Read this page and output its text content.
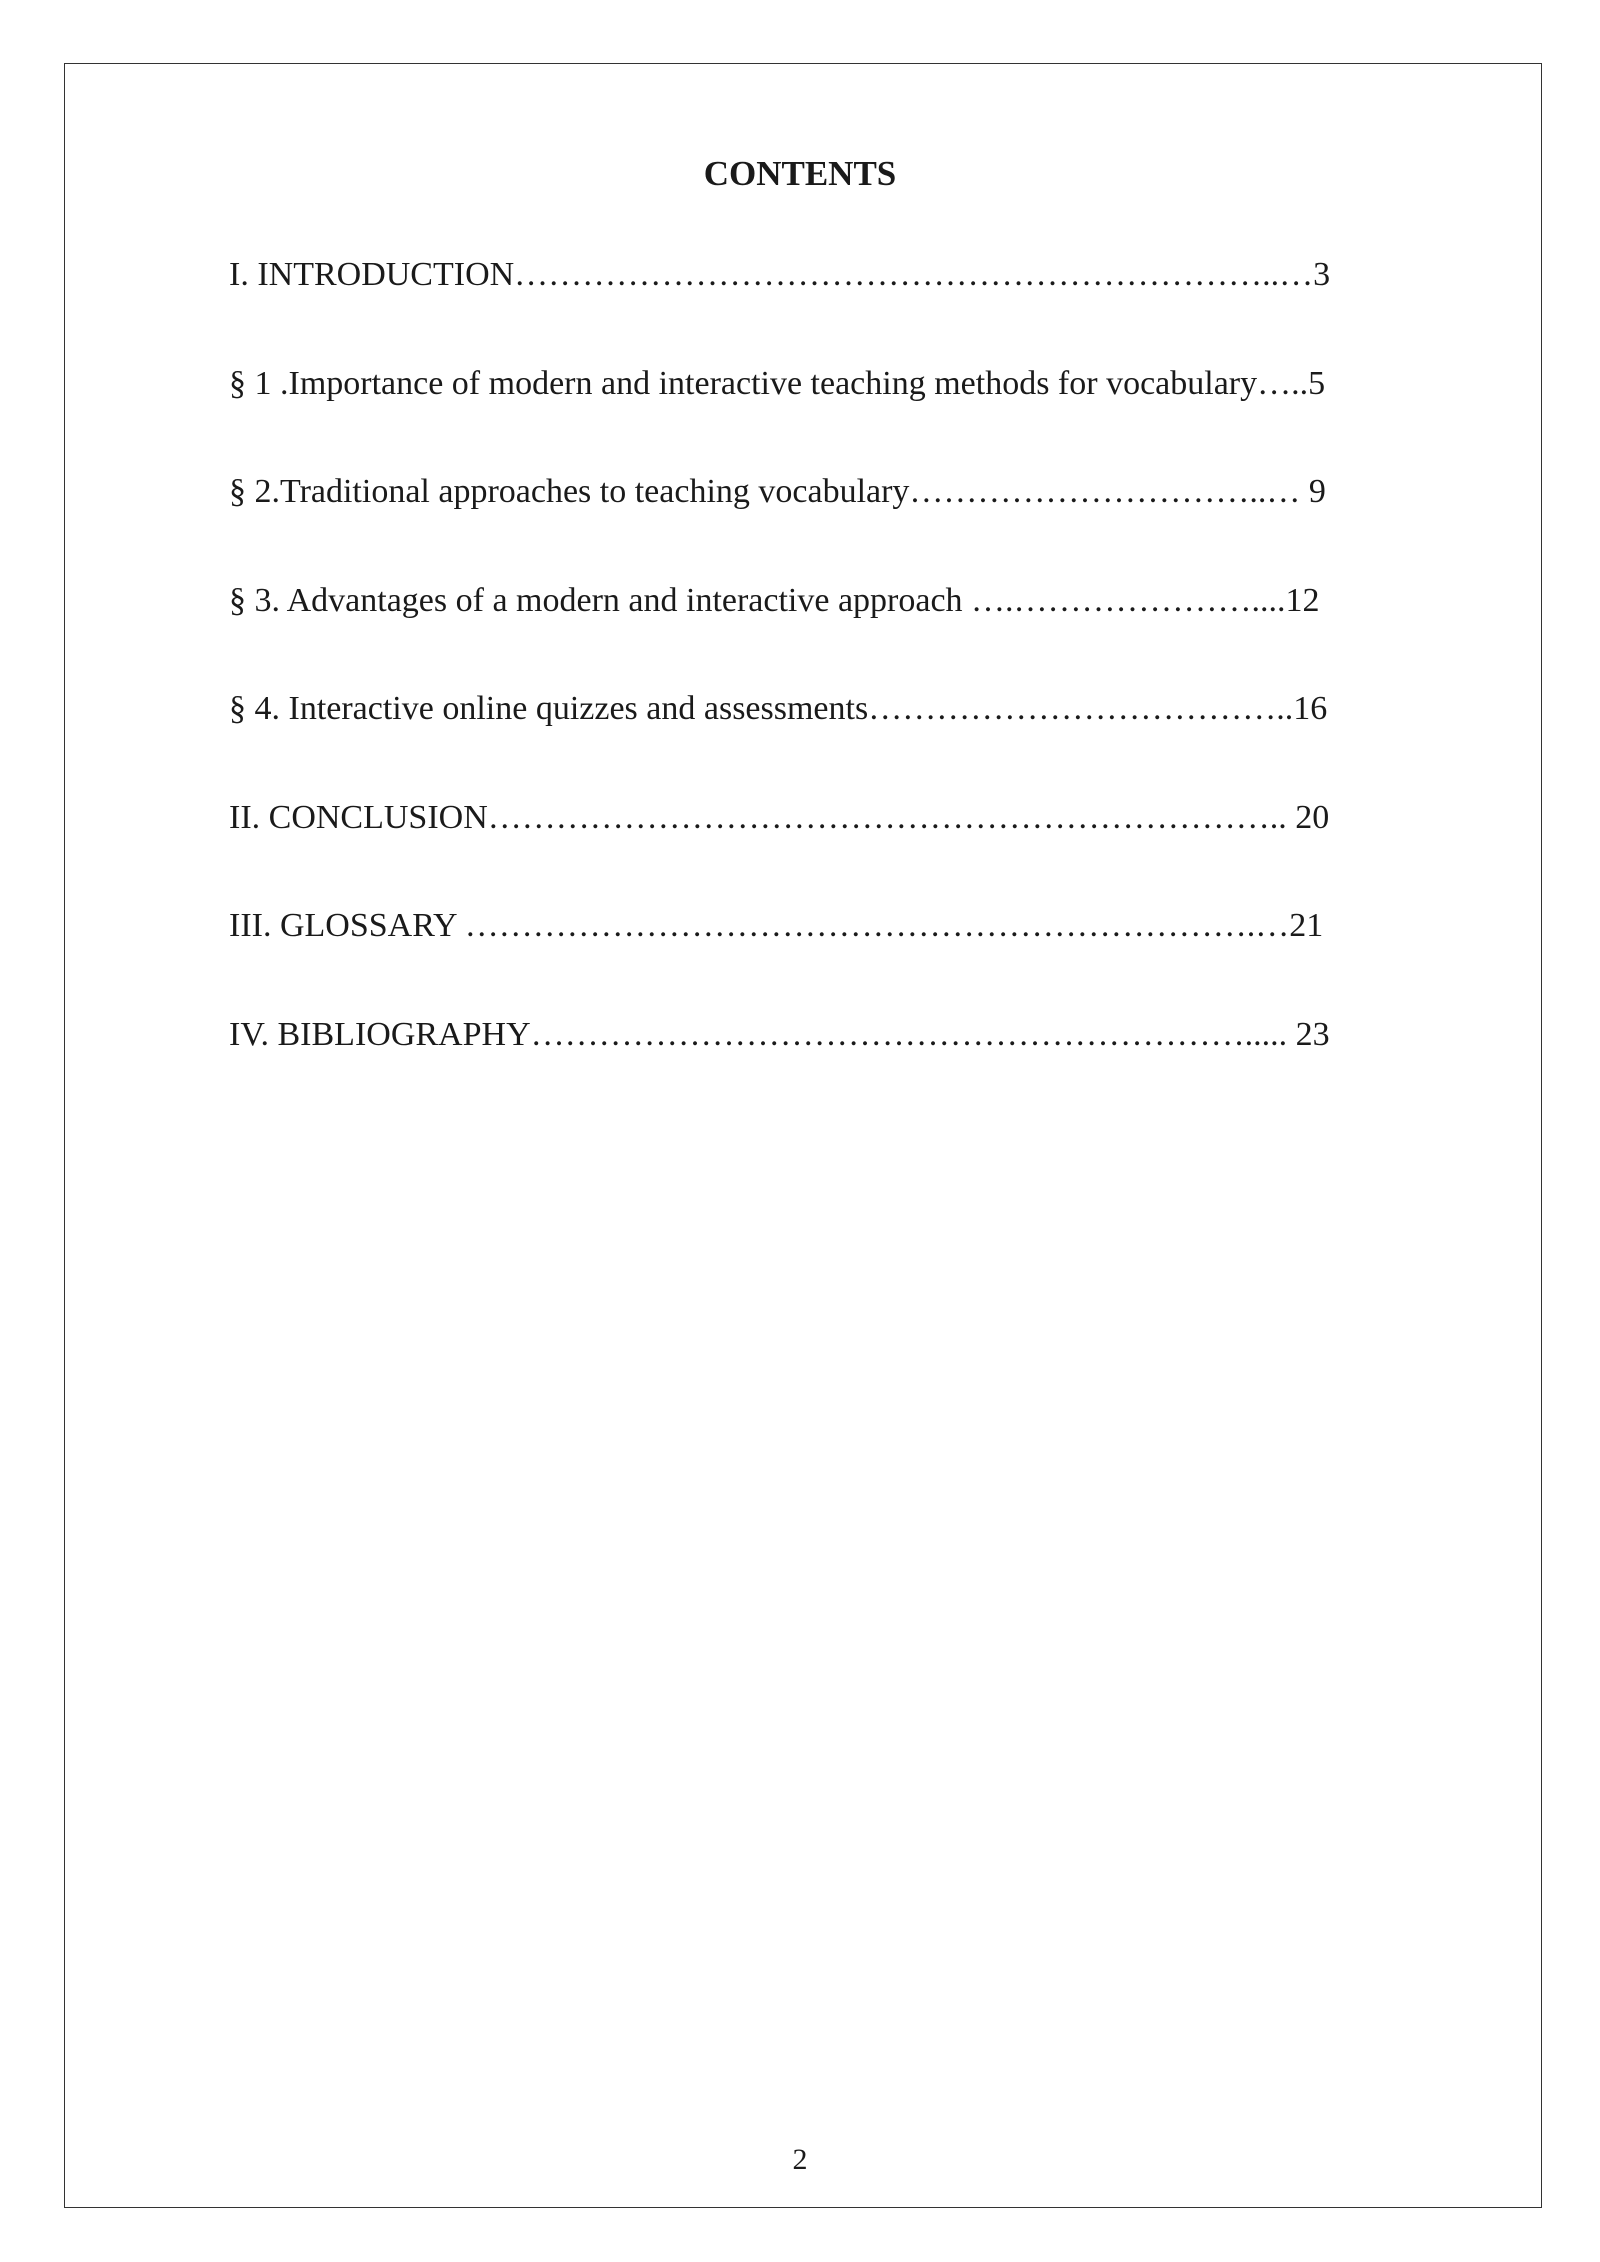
CONTENTS
I. INTRODUCTION…………………………………………………………..…3
§ 1 .Importance of modern and interactive teaching methods for vocabulary…..5
§ 2.Traditional approaches to teaching vocabulary…………………………..… 9
§ 3. Advantages of a modern and interactive approach ….…………………....12
§ 4. Interactive online quizzes and assessments………………………………..16
II. CONCLUSION…………………………………………………………….. 20
III. GLOSSARY …………………………………………………………….…21
IV. BIBLIOGRAPHY………………………………………………………..... 23
2
